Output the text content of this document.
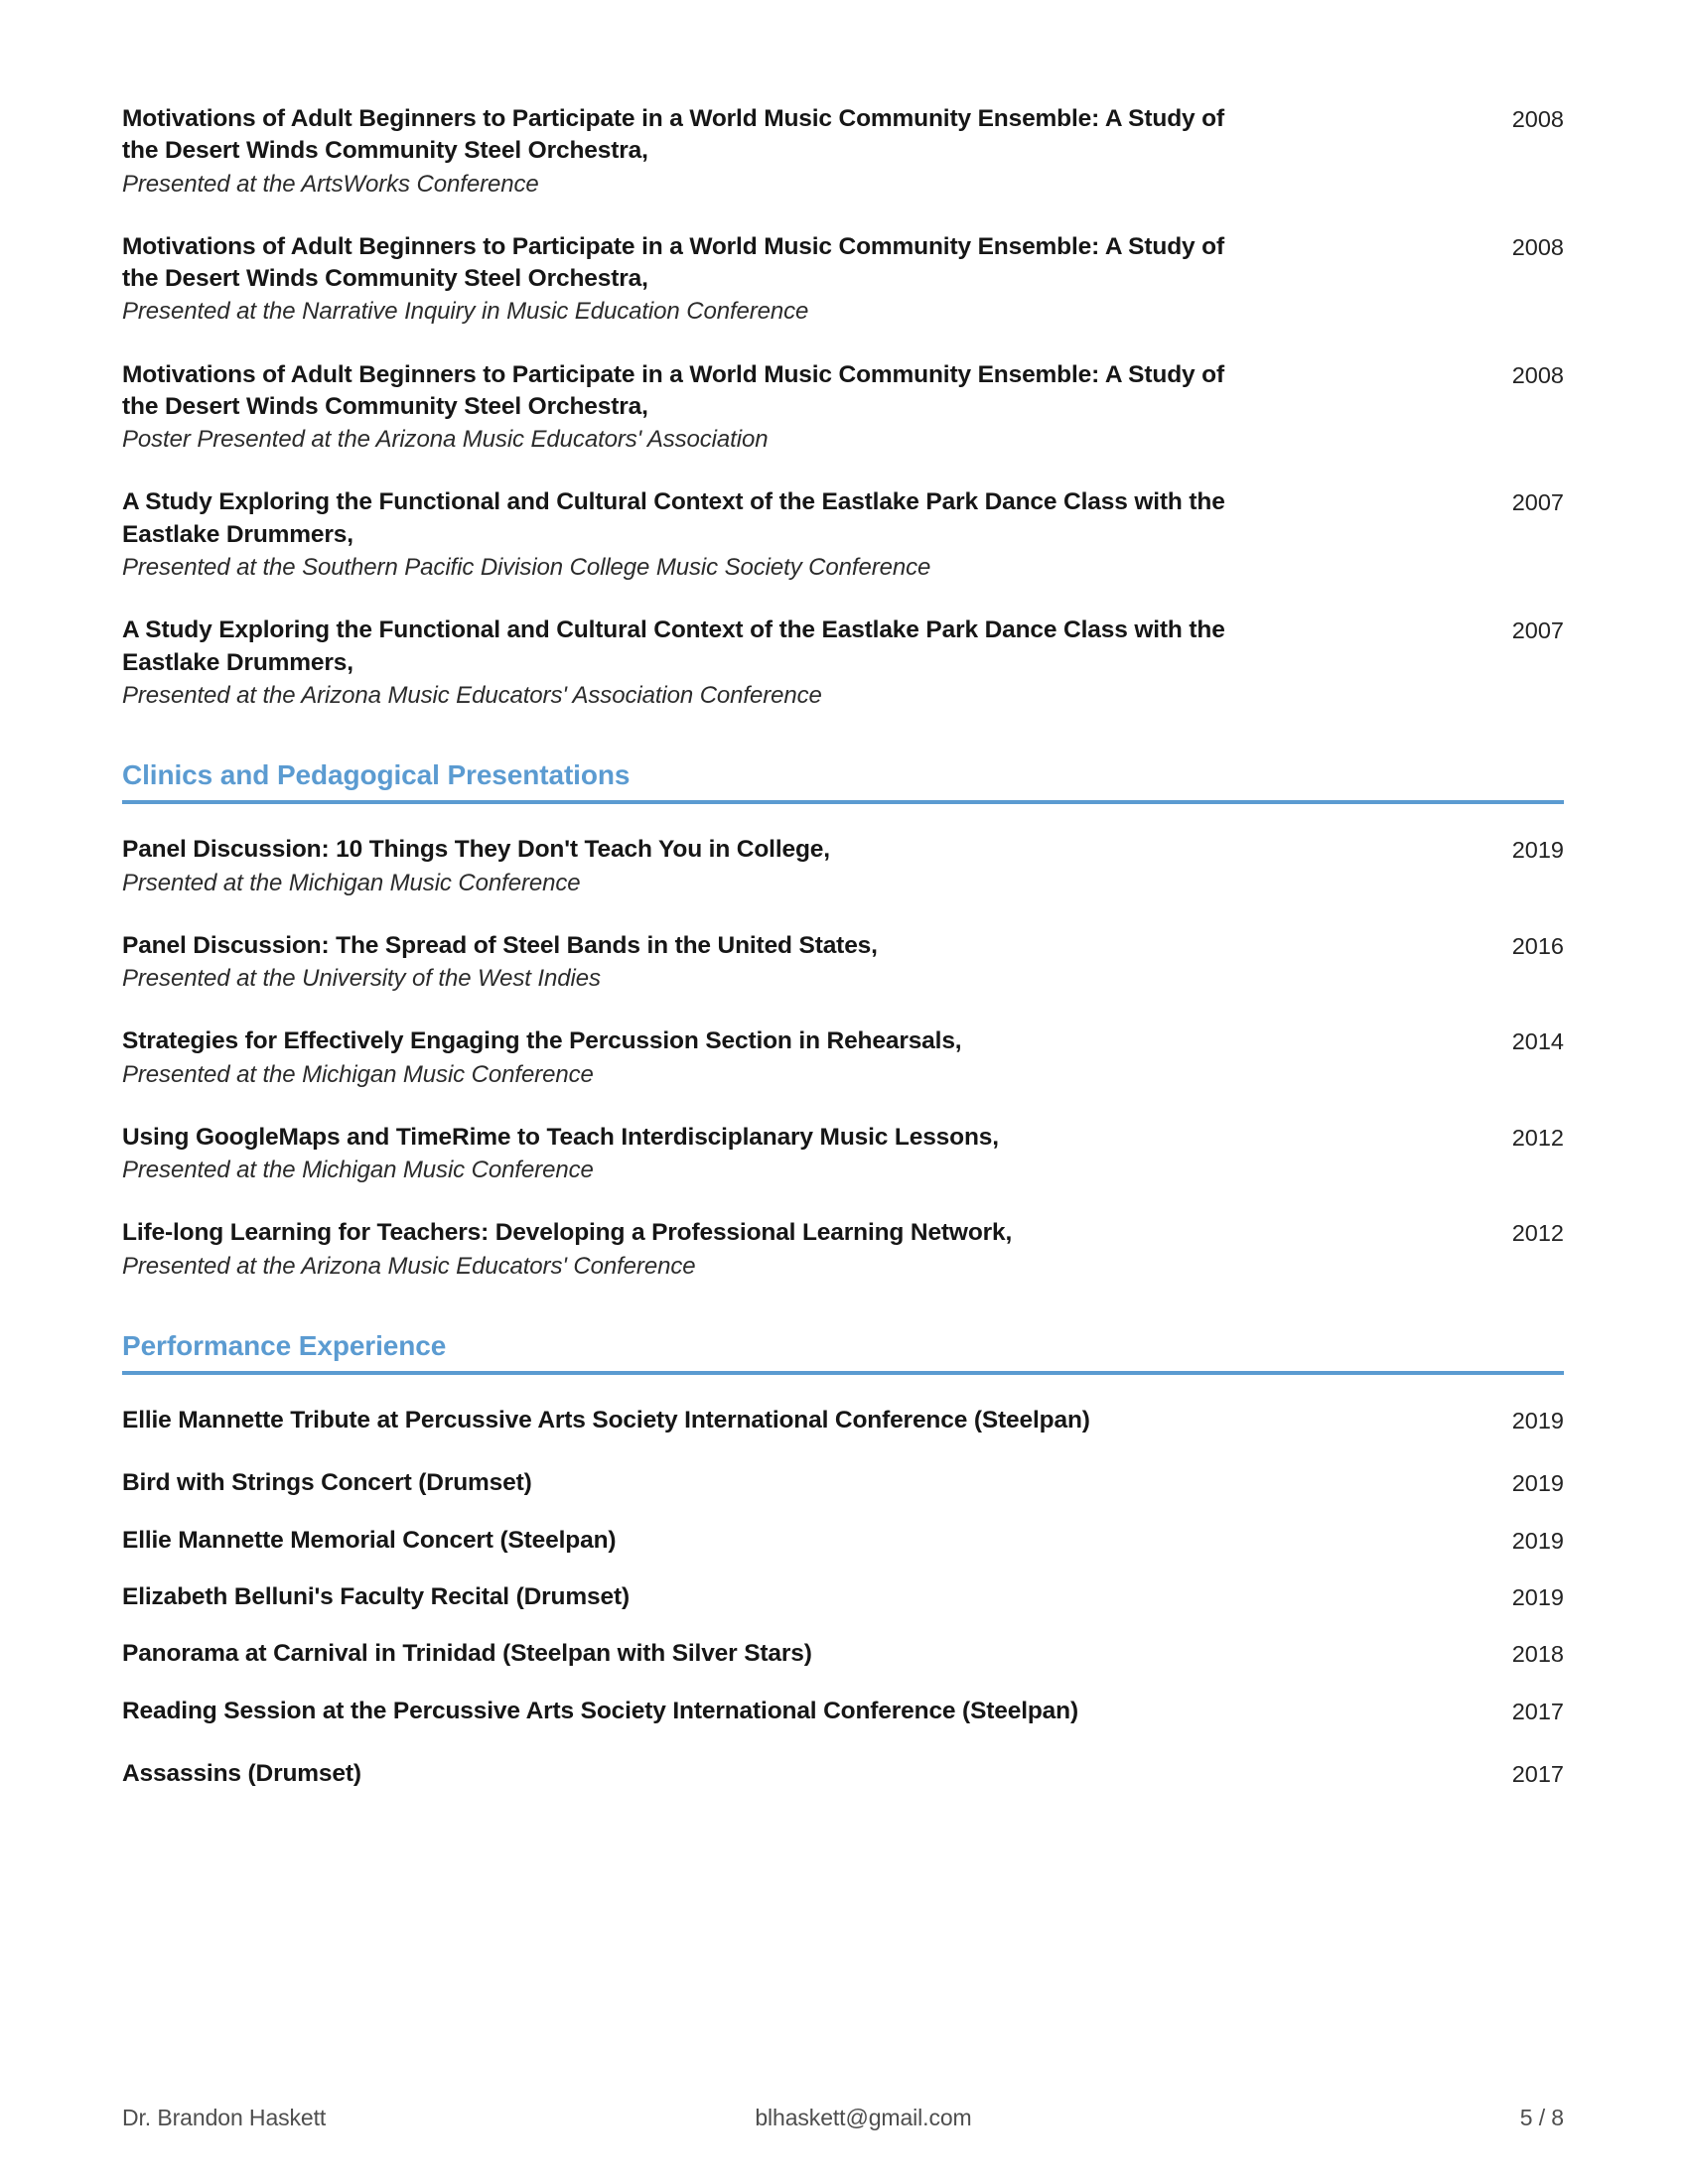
Motivations of Adult Beginners to Participate in a World Music Community Ensemble: A Study of the Desert Winds Community Steel Orchestra,
Presented at the ArtsWorks Conference
2008
Motivations of Adult Beginners to Participate in a World Music Community Ensemble: A Study of the Desert Winds Community Steel Orchestra,
Presented at the Narrative Inquiry in Music Education Conference
2008
Motivations of Adult Beginners to Participate in a World Music Community Ensemble: A Study of the Desert Winds Community Steel Orchestra,
Poster Presented at the Arizona Music Educators' Association
2008
A Study Exploring the Functional and Cultural Context of the Eastlake Park Dance Class with the Eastlake Drummers,
Presented at the Southern Pacific Division College Music Society Conference
2007
A Study Exploring the Functional and Cultural Context of the Eastlake Park Dance Class with the Eastlake Drummers,
Presented at the Arizona Music Educators' Association Conference
2007
Clinics and Pedagogical Presentations
Panel Discussion: 10 Things They Don't Teach You in College,
Prsented at the Michigan Music Conference
2019
Panel Discussion: The Spread of Steel Bands in the United States,
Presented at the University of the West Indies
2016
Strategies for Effectively Engaging the Percussion Section in Rehearsals,
Presented at the Michigan Music Conference
2014
Using GoogleMaps and TimeRime to Teach Interdisciplanary Music Lessons,
Presented at the Michigan Music Conference
2012
Life-long Learning for Teachers: Developing a Professional Learning Network,
Presented at the Arizona Music Educators' Conference
2012
Performance Experience
Ellie Mannette Tribute at Percussive Arts Society International Conference (Steelpan)	2019
Bird with Strings Concert (Drumset)	2019
Ellie Mannette Memorial Concert (Steelpan)	2019
Elizabeth Belluni's Faculty Recital (Drumset)	2019
Panorama at Carnival in Trinidad (Steelpan with Silver Stars)	2018
Reading Session at the Percussive Arts Society International Conference (Steelpan)	2017
Assassins (Drumset)	2017
Dr. Brandon Haskett	blhaskett@gmail.com	5 / 8
